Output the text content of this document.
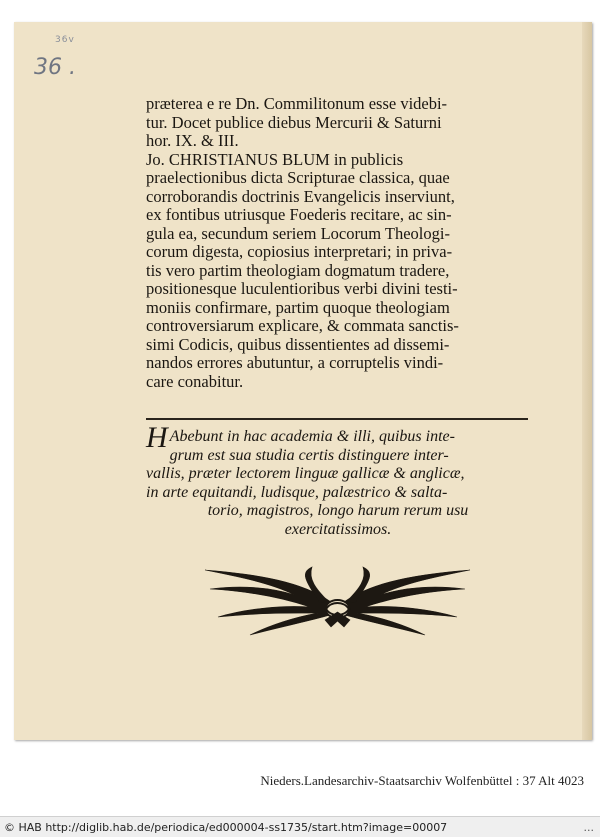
36v
36 .

præterea e re Dn. Commilitonum esse videbi-
tur. Docet publice diebus Mercurii & Saturni
hor. IX. & III.
Jo. CHRISTIANUS BLUM in publicis
praelectionibus dicta Scripturae classica, quae
corroborandis doctrinis Evangelicis inserviunt,
ex fontibus utriusque Foederis recitare, ac sin-
gula ea, secundum seriem Locorum Theologi-
corum digesta, copiosius interpretari; in priva-
tis vero partim theologiam dogmatum tradere,
positionesque luculentioribus verbi divini testi-
moniis confirmare, partim quoque theologiam
controversiarum explicare, & commata sanctis-
simi Codicis, quibus dissentientes ad dissemi-
nandos errores abutuntur, a corruptelis vindi-
care conabitur.
H Abebunt in hac academia & illi, quibus inte-
grum est sua studia certis distinguere inter-
vallis, præter lectorem linguæ gallicæ & anglicæ,
in arte equitandi, ludisque, palæstrico & salta-
torio, magistros, longo harum rerum usu
exercitatissimos.
Nieders.Landesarchiv-Staatsarchiv Wolfenbüttel : 37 Alt 4023
© HAB http://diglib.hab.de/periodica/ed000004-ss1735/start.htm?image=00007	...
